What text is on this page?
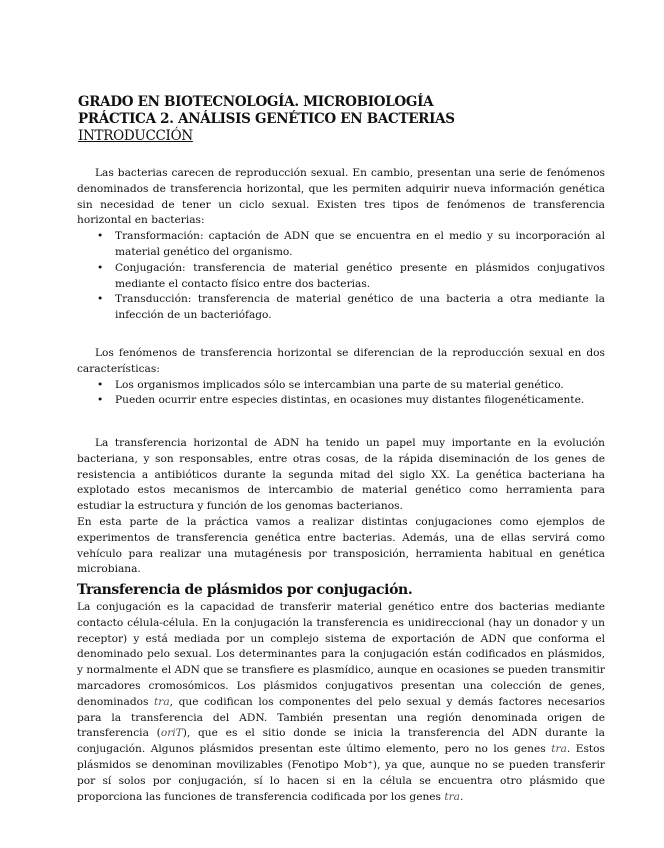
GRADO EN BIOTECNOLOGÍA. MICROBIOLOGÍA
PRÁCTICA 2. ANÁLISIS GENÉTICO EN BACTERIAS
INTRODUCCIÓN

Las bacterias carecen de reproducción sexual. En cambio, presentan una serie de fenómenos denominados de transferencia horizontal, que les permiten adquirir nueva información genética sin necesidad de tener un ciclo sexual. Existen tres tipos de fenómenos de transferencia horizontal en bacterias:

• Transformación: captación de ADN que se encuentra en el medio y su incorporación al material genético del organismo.
• Conjugación: transferencia de material genético presente en plásmidos conjugativos mediante el contacto físico entre dos bacterias.
• Transducción: transferencia de material genético de una bacteria a otra mediante la infección de un bacteriófago.

Los fenómenos de transferencia horizontal se diferencian de la reproducción sexual en dos características:

• Los organismos implicados sólo se intercambian una parte de su material genético.
• Pueden ocurrir entre especies distintas, en ocasiones muy distantes filogenéticamente.

La transferencia horizontal de ADN ha tenido un papel muy importante en la evolución bacteriana, y son responsables, entre otras cosas, de la rápida diseminación de los genes de resistencia a antibióticos durante la segunda mitad del siglo XX. La genética bacteriana ha explotado estos mecanismos de intercambio de material genético como herramienta para estudiar la estructura y función de los genomas bacterianos.

En esta parte de la práctica vamos a realizar distintas conjugaciones como ejemplos de experimentos de transferencia genética entre bacterias. Además, una de ellas servirá como vehículo para realizar una mutagénesis por transposición, herramienta habitual en genética microbiana.

Transferencia de plásmidos por conjugación.

La conjugación es la capacidad de transferir material genético entre dos bacterias mediante contacto célula-célula. En la conjugación la transferencia es unidireccional (hay un donador y un receptor) y está mediada por un complejo sistema de exportación de ADN que conforma el denominado pelo sexual. Los determinantes para la conjugación están codificados en plásmidos, y normalmente el ADN que se transfiere es plasmídico, aunque en ocasiones se pueden transmitir marcadores cromosómicos. Los plásmidos conjugativos presentan una colección de genes, denominados tra, que codifican los componentes del pelo sexual y demás factores necesarios para la transferencia del ADN. También presentan una región denominada origen de transferencia (oriT), que es el sitio donde se inicia la transferencia del ADN durante la conjugación. Algunos plásmidos presentan este último elemento, pero no los genes tra. Estos plásmidos se denominan movilizables (Fenotipo Mob⁺), ya que, aunque no se pueden transferir por sí solos por conjugación, sí lo hacen si en la célula se encuentra otro plásmido que proporciona las funciones de transferencia codificada por los genes tra.
